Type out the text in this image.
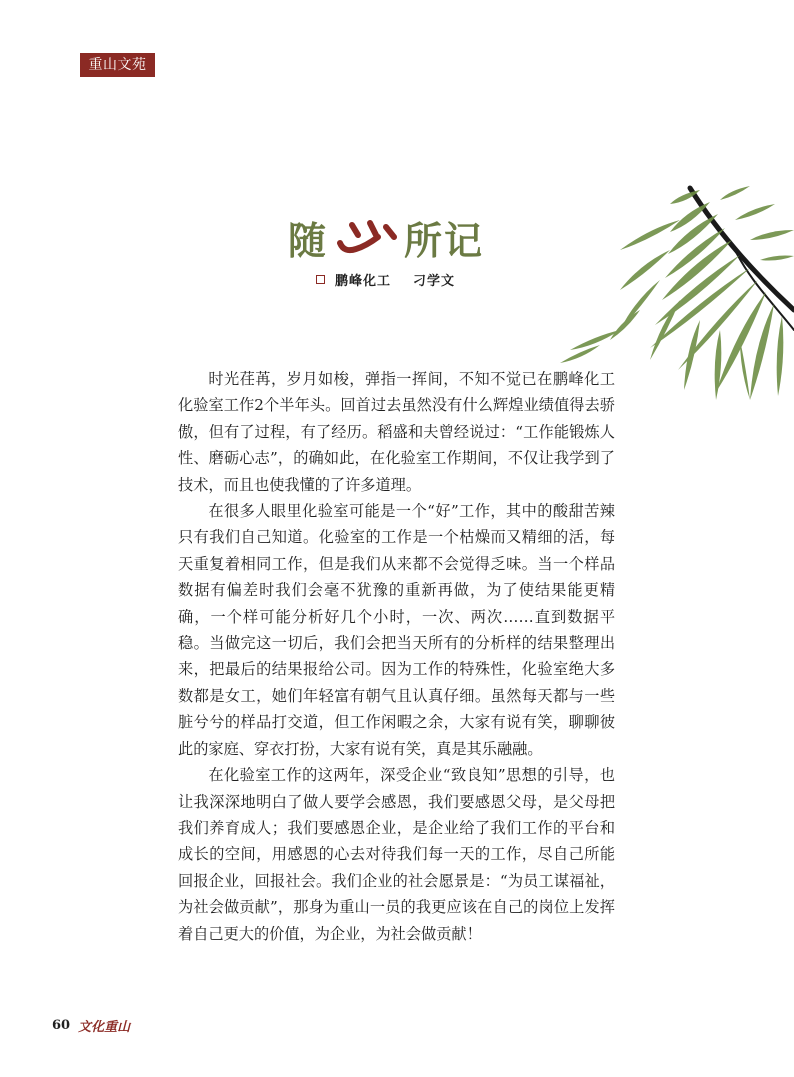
重山文苑
随 所记
鹏峰化工 刁学文

时光荏苒，岁月如梭，弹指一挥间，不知不觉已在鹏峰化工化验室工作2个半年头。回首过去虽然没有什么辉煌业绩值得去骄傲，但有了过程，有了经历。稻盛和夫曾经说过：“工作能锻炼人性、磨砺心志”，的确如此，在化验室工作期间，不仅让我学到了技术，而且也使我懂的了许多道理。

在很多人眼里化验室可能是一个“好”工作，其中的酸甜苦辣只有我们自己知道。化验室的工作是一个枯燥而又精细的活，每天重复着相同工作，但是我们从来都不会觉得乏味。当一个样品数据有偏差时我们会毫不犹豫的重新再做，为了使结果能更精确，一个样可能分析好几个小时，一次、两次……直到数据平稳。当做完这一切后，我们会把当天所有的分析样的结果整理出来，把最后的结果报给公司。因为工作的特殊性，化验室绝大多数都是女工，她们年轻富有朝气且认真仔细。虽然每天都与一些脏兮兮的样品打交道，但工作闲暇之余，大家有说有笑，聊聊彼此的家庭、穿衣打扮，大家有说有笑，真是其乐融融。

在化验室工作的这两年，深受企业“致良知”思想的引导，也让我深深地明白了做人要学会感恩，我们要感恩父母，是父母把我们养育成人；我们要感恩企业，是企业给了我们工作的平台和成长的空间，用感恩的心去对待我们每一天的工作，尽自己所能回报企业，回报社会。我们企业的社会愿景是：“为员工谋福祉，为社会做贡献”，那身为重山一员的我更应该在自己的岗位上发挥着自己更大的价值，为企业，为社会做贡献！

60 文化重山
